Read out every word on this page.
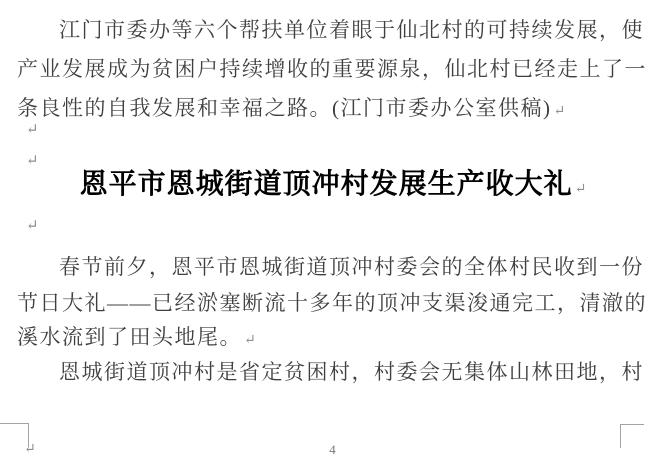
江门市委办等六个帮扶单位着眼于仙北村的可持续发展，使
产业发展成为贫困户持续增收的重要源泉，仙北村已经走上了一
条良性的自我发展和幸福之路。(江门市委办公室供稿) ↵
↵
↵
恩平市恩城街道顶冲村发展生产收大礼 ↵
↵
春节前夕，恩平市恩城街道顶冲村委会的全体村民收到一份
节日大礼——已经淤塞断流十多年的顶冲支渠浚通完工，清澈的
溪水流到了田头地尾。 ↵
恩城街道顶冲村是省定贫困村，村委会无集体山林田地，村
↵	4
